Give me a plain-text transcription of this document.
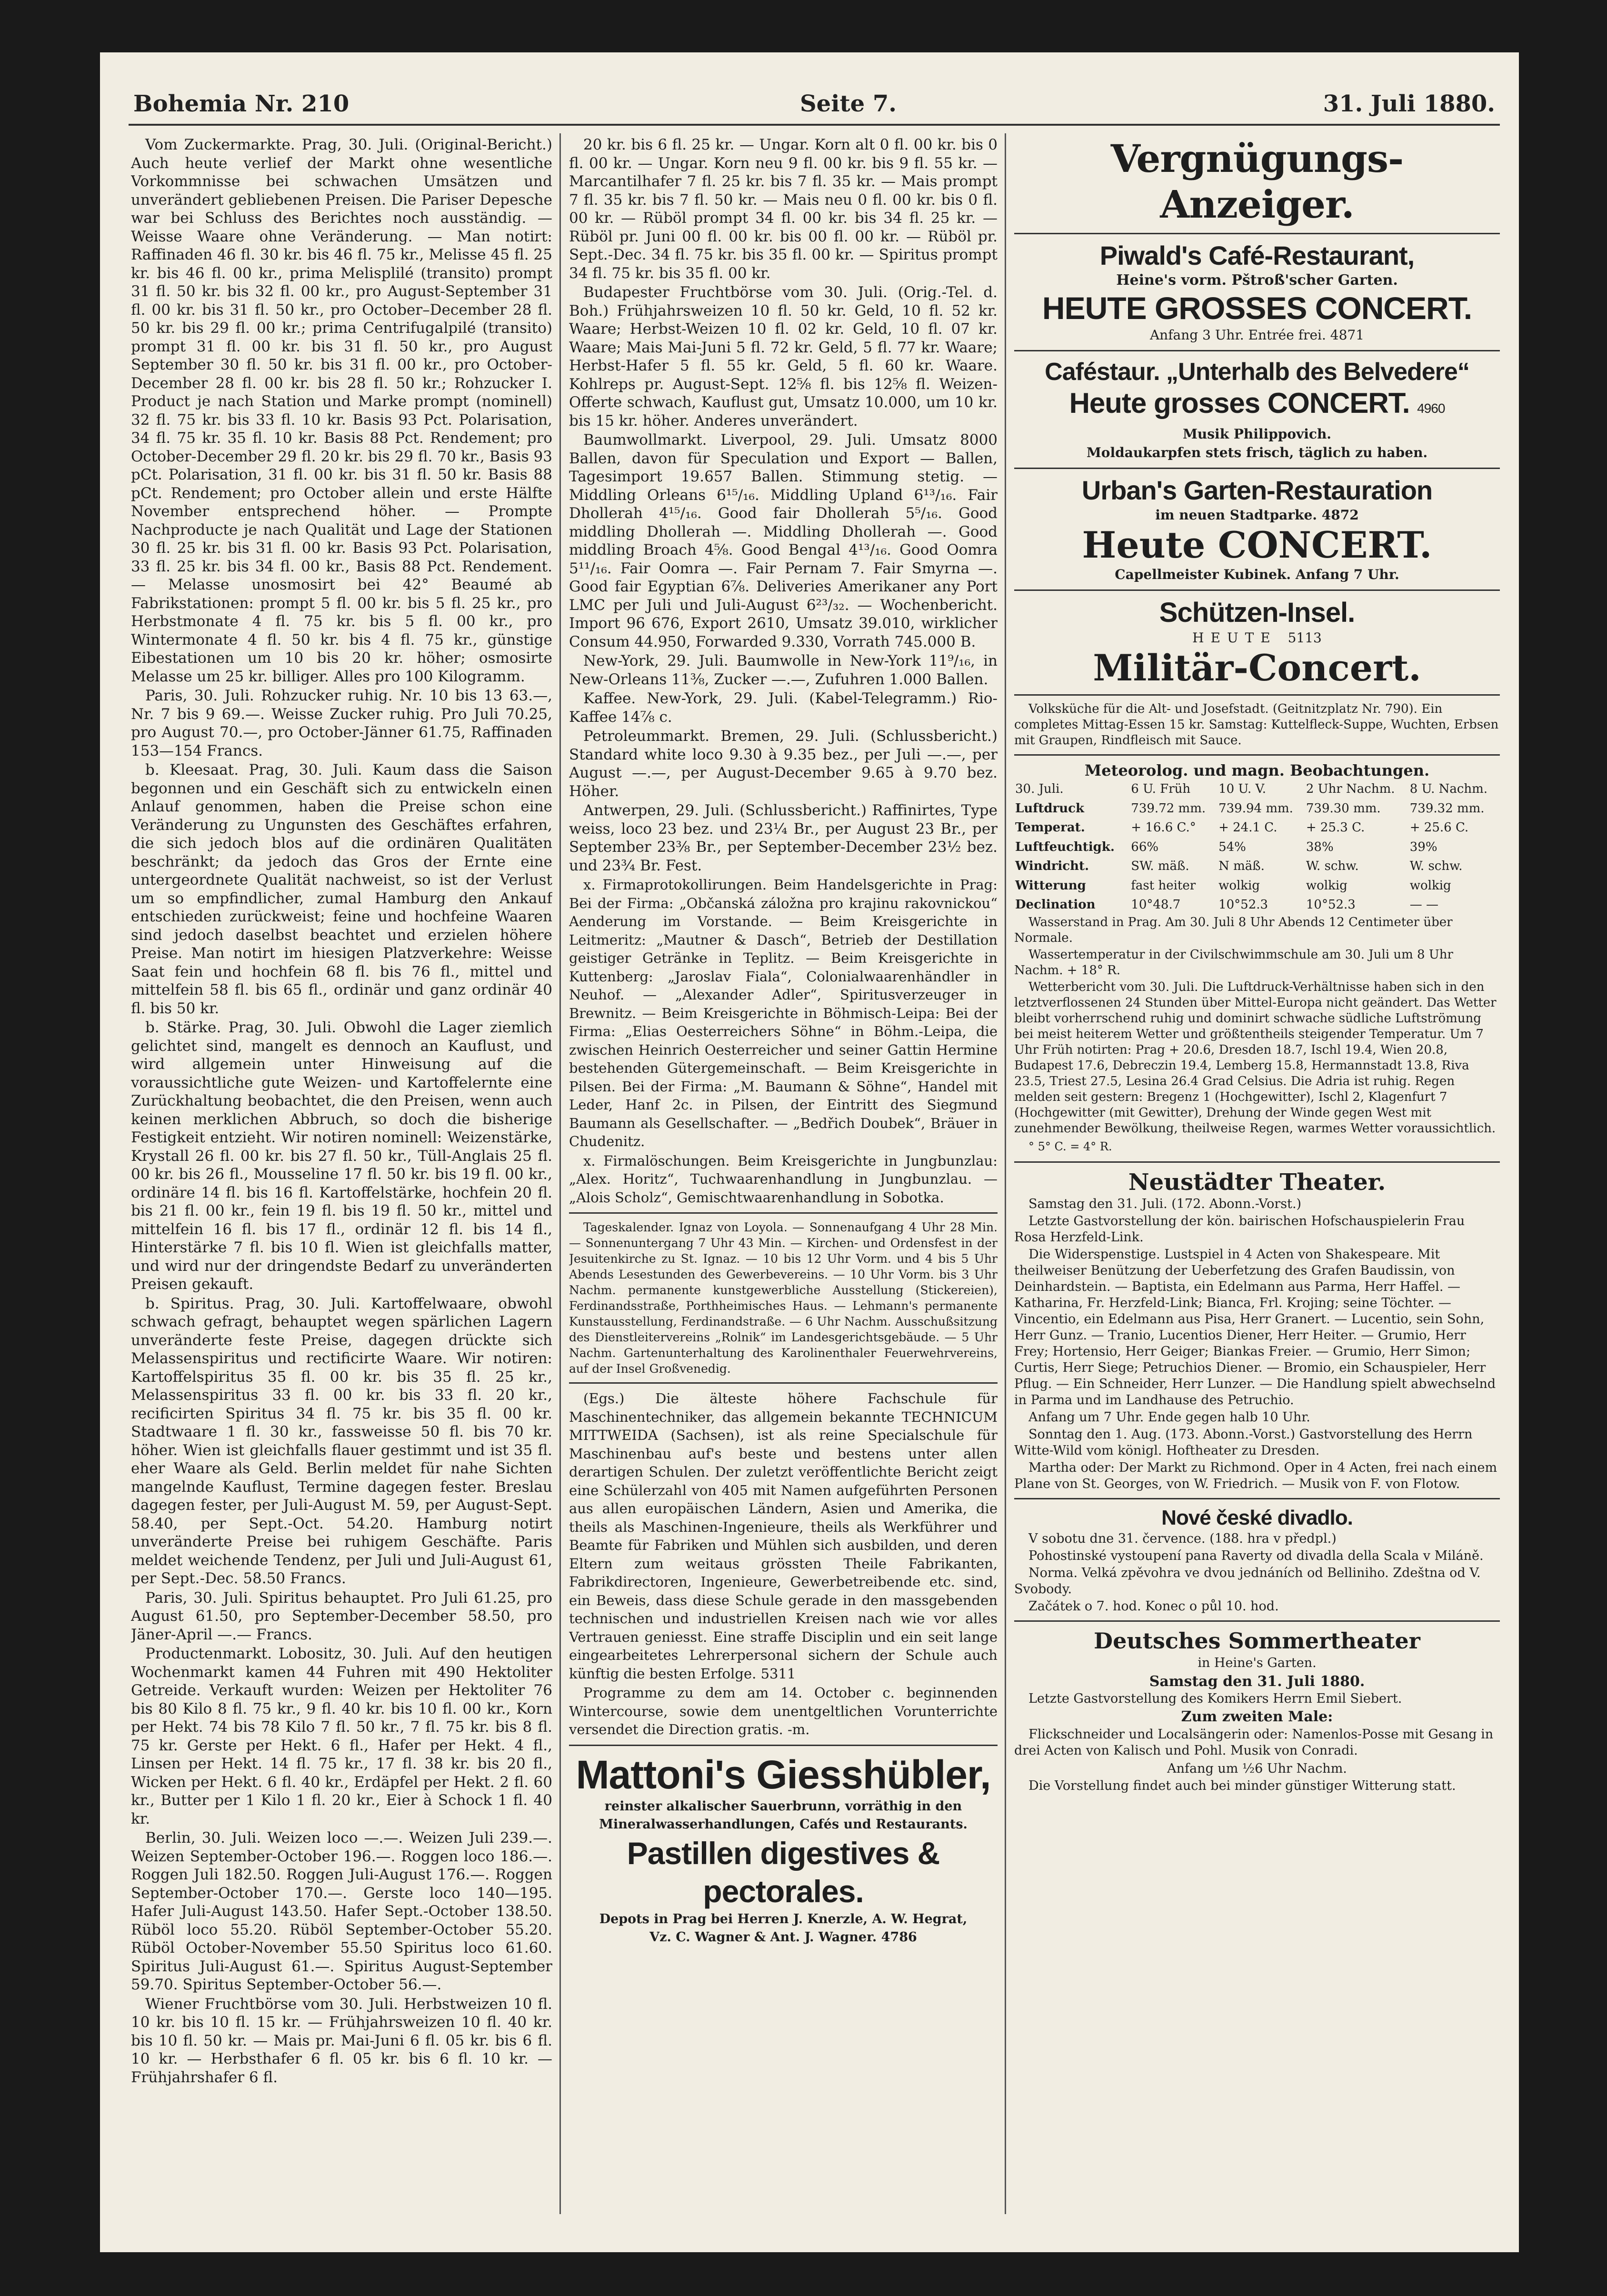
Bohemia Nr. 210	Seite 7.	31. Juli 1880.

Vom Zuckermarkte. Prag, 30. Juli. (Original-Bericht.) Auch heute verlief der Markt ohne wesentliche Vorkommnisse bei schwachen Umsätzen und unverändert gebliebenen Preisen. Die Pariser Depesche war bei Schluss des Berichtes noch ausständig. — Weisse Waare ohne Veränderung. — Man notirt: Raffinaden 46 fl. 30 kr. bis 46 fl. 75 kr., Melisse 45 fl. 25 kr. bis 46 fl. 00 kr., prima Melisplilé (transito) prompt 31 fl. 50 kr. bis 32 fl. 00 kr., pro August-September 31 fl. 00 kr. bis 31 fl. 50 kr., pro October–December 28 fl. 50 kr. bis 29 fl. 00 kr.; prima Centrifugalpilé (transito) prompt 31 fl. 00 kr. bis 31 fl. 50 kr., pro August September 30 fl. 50 kr. bis 31 fl. 00 kr., pro October-December 28 fl. 00 kr. bis 28 fl. 50 kr.; Rohzucker I. Product je nach Station und Marke prompt (nominell) 32 fl. 75 kr. bis 33 fl. 10 kr. Basis 93 Pct. Polarisation, 34 fl. 75 kr. 35 fl. 10 kr. Basis 88 Pct. Rendement; pro October-December 29 fl. 20 kr. bis 29 fl. 70 kr., Basis 93 pCt. Polarisation, 31 fl. 00 kr. bis 31 fl. 50 kr. Basis 88 pCt. Rendement; pro October allein und erste Hälfte November entsprechend höher. — Prompte Nachproducte je nach Qualität und Lage der Stationen 30 fl. 25 kr. bis 31 fl. 00 kr. Basis 93 Pct. Polarisation, 33 fl. 25 kr. bis 34 fl. 00 kr., Basis 88 Pct. Rendement. — Melasse unosmosirt bei 42° Beaumé ab Fabrikstationen: prompt 5 fl. 00 kr. bis 5 fl. 25 kr., pro Herbstmonate 4 fl. 75 kr. bis 5 fl. 00 kr., pro Wintermonate 4 fl. 50 kr. bis 4 fl. 75 kr., günstige Eibestationen um 10 bis 20 kr. höher; osmosirte Melasse um 25 kr. billiger. Alles pro 100 Kilogramm.

Paris, 30. Juli. Rohzucker ruhig. Nr. 10 bis 13 63.—, Nr. 7 bis 9 69.—. Weisse Zucker ruhig. Pro Juli 70.25, pro August 70.—, pro October-Jänner 61.75, Raffinaden 153—154 Francs.

b. Kleesaat. Prag, 30. Juli. Kaum dass die Saison begonnen und ein Geschäft sich zu entwickeln einen Anlauf genommen, haben die Preise schon eine Veränderung zu Ungunsten des Geschäftes erfahren, die sich jedoch blos auf die ordinären Qualitäten beschränkt; da jedoch das Gros der Ernte eine untergeordnete Qualität nachweist, so ist der Verlust um so empfindlicher, zumal Hamburg den Ankauf entschieden zurückweist; feine und hochfeine Waaren sind jedoch daselbst beachtet und erzielen höhere Preise. Man notirt im hiesigen Platzverkehre: Weisse Saat fein und hochfein 68 fl. bis 76 fl., mittel und mittelfein 58 fl. bis 65 fl., ordinär und ganz ordinär 40 fl. bis 50 kr.

b. Stärke. Prag, 30. Juli. Obwohl die Lager ziemlich gelichtet sind, mangelt es dennoch an Kauflust, und wird allgemein unter Hinweisung auf die voraussichtliche gute Weizen- und Kartoffelernte eine Zurückhaltung beobachtet, die den Preisen, wenn auch keinen merklichen Abbruch, so doch die bisherige Festigkeit entzieht. Wir notiren nominell: Weizenstärke, Krystall 26 fl. 00 kr. bis 27 fl. 50 kr., Tüll-Anglais 25 fl. 00 kr. bis 26 fl., Mousseline 17 fl. 50 kr. bis 19 fl. 00 kr., ordinäre 14 fl. bis 16 fl. Kartoffelstärke, hochfein 20 fl. bis 21 fl. 00 kr., fein 19 fl. bis 19 fl. 50 kr., mittel und mittelfein 16 fl. bis 17 fl., ordinär 12 fl. bis 14 fl., Hinterstärke 7 fl. bis 10 fl. Wien ist gleichfalls matter, und wird nur der dringendste Bedarf zu unveränderten Preisen gekauft.

b. Spiritus. Prag, 30. Juli. Kartoffelwaare, obwohl schwach gefragt, behauptet wegen spärlichen Lagern unveränderte feste Preise, dagegen drückte sich Melassenspiritus und rectificirte Waare. Wir notiren: Kartoffelspiritus 35 fl. 00 kr. bis 35 fl. 25 kr., Melassenspiritus 33 fl. 00 kr. bis 33 fl. 20 kr., recificirten Spiritus 34 fl. 75 kr. bis 35 fl. 00 kr. Stadtwaare 1 fl. 30 kr., fassweisse 50 fl. bis 70 kr. höher. Wien ist gleichfalls flauer gestimmt und ist 35 fl. eher Waare als Geld. Berlin meldet für nahe Sichten mangelnde Kauflust, Termine dagegen fester. Breslau dagegen fester, per Juli-August M. 59, per August-Sept. 58.40, per Sept.-Oct. 54.20. Hamburg notirt unveränderte Preise bei ruhigem Geschäfte. Paris meldet weichende Tendenz, per Juli und Juli-August 61, per Sept.-Dec. 58.50 Francs.

Paris, 30. Juli. Spiritus behauptet. Pro Juli 61.25, pro August 61.50, pro September-December 58.50, pro Jäner-April —.— Francs.

Productenmarkt. Lobositz, 30. Juli. Auf den heutigen Wochenmarkt kamen 44 Fuhren mit 490 Hektoliter Getreide. Verkauft wurden: Weizen per Hektoliter 76 bis 80 Kilo 8 fl. 75 kr., 9 fl. 40 kr. bis 10 fl. 00 kr., Korn per Hekt. 74 bis 78 Kilo 7 fl. 50 kr., 7 fl. 75 kr. bis 8 fl. 75 kr. Gerste per Hekt. 6 fl., Hafer per Hekt. 4 fl., Linsen per Hekt. 14 fl. 75 kr., 17 fl. 38 kr. bis 20 fl., Wicken per Hekt. 6 fl. 40 kr., Erdäpfel per Hekt. 2 fl. 60 kr., Butter per 1 Kilo 1 fl. 20 kr., Eier à Schock 1 fl. 40 kr.

Berlin, 30. Juli. Weizen loco —.—. Weizen Juli 239.—. Weizen September-October 196.—. Roggen loco 186.—. Roggen Juli 182.50. Roggen Juli-August 176.—. Roggen September-October 170.—. Gerste loco 140—195. Hafer Juli-August 143.50. Hafer Sept.-October 138.50. Rüböl loco 55.20. Rüböl September-October 55.20. Rüböl October-November 55.50 Spiritus loco 61.60. Spiritus Juli-August 61.—. Spiritus August-September 59.70. Spiritus September-October 56.—.

Wiener Fruchtbörse vom 30. Juli. Herbstweizen 10 fl. 10 kr. bis 10 fl. 15 kr. — Frühjahrsweizen 10 fl. 40 kr. bis 10 fl. 50 kr. — Mais pr. Mai-Juni 6 fl. 05 kr. bis 6 fl. 10 kr. — Herbsthafer 6 fl. 05 kr. bis 6 fl. 10 kr. — Frühjahrshafer 6 fl.

20 kr. bis 6 fl. 25 kr. — Ungar. Korn alt 0 fl. 00 kr. bis 0 fl. 00 kr. — Ungar. Korn neu 9 fl. 00 kr. bis 9 fl. 55 kr. — Marcantilhafer 7 fl. 25 kr. bis 7 fl. 35 kr. — Mais prompt 7 fl. 35 kr. bis 7 fl. 50 kr. — Mais neu 0 fl. 00 kr. bis 0 fl. 00 kr. — Rüböl prompt 34 fl. 00 kr. bis 34 fl. 25 kr. — Rüböl pr. Juni 00 fl. 00 kr. bis 00 fl. 00 kr. — Rüböl pr. Sept.-Dec. 34 fl. 75 kr. bis 35 fl. 00 kr. — Spiritus prompt 34 fl. 75 kr. bis 35 fl. 00 kr.

Budapester Fruchtbörse vom 30. Juli. (Orig.-Tel. d. Boh.) Frühjahrsweizen 10 fl. 50 kr. Geld, 10 fl. 52 kr. Waare; Herbst-Weizen 10 fl. 02 kr. Geld, 10 fl. 07 kr. Waare; Mais Mai-Juni 5 fl. 72 kr. Geld, 5 fl. 77 kr. Waare; Herbst-Hafer 5 fl. 55 kr. Geld, 5 fl. 60 kr. Waare. Kohlreps pr. August-Sept. 12⅝ fl. bis 12⅝ fl. Weizen-Offerte schwach, Kauflust gut, Umsatz 10.000, um 10 kr. bis 15 kr. höher. Anderes unverändert.

Baumwollmarkt. Liverpool, 29. Juli. Umsatz 8000 Ballen, davon für Speculation und Export — Ballen, Tagesimport 19.657 Ballen. Stimmung stetig. — Middling Orleans 6¹⁵/₁₆. Middling Upland 6¹³/₁₆. Fair Dhollerah 4¹⁵/₁₆. Good fair Dhollerah 5⁵/₁₆. Good middling Dhollerah —. Middling Dhollerah —. Good middling Broach 4⅝. Good Bengal 4¹³/₁₆. Good Oomra 5¹¹/₁₆. Fair Oomra —. Fair Pernam 7. Fair Smyrna —. Good fair Egyptian 6⅞. Deliveries Amerikaner any Port LMC per Juli und Juli-August 6²³/₃₂. — Wochenbericht. Import 96 676, Export 2610, Umsatz 39.010, wirklicher Consum 44.950, Forwarded 9.330, Vorrath 745.000 B.

New-York, 29. Juli. Baumwolle in New-York 11⁹/₁₆, in New-Orleans 11⅜, Zucker —.—, Zufuhren 1.000 Ballen.

Kaffee. New-York, 29. Juli. (Kabel-Telegramm.) Rio-Kaffee 14⅞ c.

Petroleummarkt. Bremen, 29. Juli. (Schlussbericht.) Standard white loco 9.30 à 9.35 bez., per Juli —.—, per August —.—, per August-December 9.65 à 9.70 bez. Höher.

Antwerpen, 29. Juli. (Schlussbericht.) Raffinirtes, Type weiss, loco 23 bez. und 23¼ Br., per August 23 Br., per September 23⅜ Br., per September-December 23½ bez. und 23¾ Br. Fest.

x. Firmaprotokollirungen. Beim Handelsgerichte in Prag: Bei der Firma: „Občanská záložna pro krajinu rakovnickou“ Aenderung im Vorstande. — Beim Kreisgerichte in Leitmeritz: „Mautner & Dasch“, Betrieb der Destillation geistiger Getränke in Teplitz. — Beim Kreisgerichte in Kuttenberg: „Jaroslav Fiala“, Colonialwaarenhändler in Neuhof. — „Alexander Adler“, Spiritusverzeuger in Brewnitz. — Beim Kreisgerichte in Böhmisch-Leipa: Bei der Firma: „Elias Oesterreichers Söhne“ in Böhm.-Leipa, die zwischen Heinrich Oesterreicher und seiner Gattin Hermine bestehenden Gütergemeinschaft. — Beim Kreisgerichte in Pilsen. Bei der Firma: „M. Baumann & Söhne“, Handel mit Leder, Hanf 2c. in Pilsen, der Eintritt des Siegmund Baumann als Gesellschafter. — „Bedřich Doubek“, Bräuer in Chudenitz.

x. Firmalöschungen. Beim Kreisgerichte in Jungbunzlau: „Alex. Horitz“, Tuchwaarenhandlung in Jungbunzlau. — „Alois Scholz“, Gemischtwaarenhandlung in Sobotka.

Tageskalender. Ignaz von Loyola. — Sonnenaufgang 4 Uhr 28 Min. — Sonnenuntergang 7 Uhr 43 Min. — Kirchen- und Ordensfest in der Jesuitenkirche zu St. Ignaz. — 10 bis 12 Uhr Vorm. und 4 bis 5 Uhr Abends Lesestunden des Gewerbevereins. — 10 Uhr Vorm. bis 3 Uhr Nachm. permanente kunstgewerbliche Ausstellung (Stickereien), Ferdinandsstraße, Porthheimisches Haus. — Lehmann's permanente Kunstausstellung, Ferdinandstraße. — 6 Uhr Nachm. Ausschußsitzung des Dienstleitervereins „Rolnik“ im Landesgerichtsgebäude. — 5 Uhr Nachm. Gartenunterhaltung des Karolinenthaler Feuerwehrvereins, auf der Insel Großvenedig.

(Egs.) Die älteste höhere Fachschule für Maschinentechniker, das allgemein bekannte TECHNICUM MITTWEIDA (Sachsen), ist als reine Specialschule für Maschinenbau auf's beste und bestens unter allen derartigen Schulen. Der zuletzt veröffentlichte Bericht zeigt eine Schülerzahl von 405 mit Namen aufgeführten Personen aus allen europäischen Ländern, Asien und Amerika, die theils als Maschinen-Ingenieure, theils als Werkführer und Beamte für Fabriken und Mühlen sich ausbilden, und deren Eltern zum weitaus grössten Theile Fabrikanten, Fabrikdirectoren, Ingenieure, Gewerbetreibende etc. sind, ein Beweis, dass diese Schule gerade in den massgebenden technischen und industriellen Kreisen nach wie vor alles Vertrauen geniesst. Eine straffe Disciplin und ein seit lange eingearbeitetes Lehrerpersonal sichern der Schule auch künftig die besten Erfolge. 5311

Programme zu dem am 14. October c. beginnenden Wintercourse, sowie dem unentgeltlichen Vorunterrichte versendet die Direction gratis. -m.

Mattoni's Giesshübler,
reinster alkalischer Sauerbrunn, vorräthig in den Mineralwasserhandlungen, Cafés und Restaurants.
Pastillen digestives & pectorales.
Depots in Prag bei Herren J. Knerzle, A. W. Hegrat,
Vz. C. Wagner & Ant. J. Wagner. 4786
Vergnügungs-Anzeiger.
Piwald's Café-Restaurant,
Heine's vorm. Pštroß'scher Garten.
HEUTE GROSSES CONCERT.
Anfang 3 Uhr. Entrée frei. 4871
Caféstaur. „Unterhalb des Belvedere“
Heute grosses CONCERT. 4960
Musik Philippovich.
Moldaukarpfen stets frisch, täglich zu haben.
Urban's Garten-Restauration
im neuen Stadtparke. 4872
Heute CONCERT.
Capellmeister Kubinek. Anfang 7 Uhr.
Schützen-Insel.
HEUTE 5113
Militär-Concert.

Volksküche für die Alt- und Josefstadt. (Geitnitzplatz Nr. 790). Ein completes Mittag-Essen 15 kr. Samstag: Kuttelfleck-Suppe, Wuchten, Erbsen mit Graupen, Rindfleisch mit Sauce.

Meteorolog. und magn. Beobachtungen.
30. Juli.	6 U. Früh	10 U. V.	2 Uhr Nachm.	8 U. Nachm.
Luftdruck	739.72 mm.	739.94 mm.	739.30 mm.	739.32 mm.
Temperat.	+ 16.6 C.°	+ 24.1 C.	+ 25.3 C.	+ 25.6 C.
Luftfeuchtigk.	66%	54%	38%	39%
Windricht.	SW. mäß.	N mäß.	W. schw.	W. schw.
Witterung	fast heiter	wolkig	wolkig	wolkig
Declination	10°48.7	10°52.3	10°52.3	— —

Wasserstand in Prag. Am 30. Juli 8 Uhr Abends 12 Centimeter über Normale.

Wassertemperatur in der Civilschwimmschule am 30. Juli um 8 Uhr Nachm. + 18° R.

Wetterbericht vom 30. Juli. Die Luftdruck-Verhältnisse haben sich in den letztverflossenen 24 Stunden über Mittel-Europa nicht geändert. Das Wetter bleibt vorherrschend ruhig und dominirt schwache südliche Luftströmung bei meist heiterem Wetter und größtentheils steigender Temperatur. Um 7 Uhr Früh notirten: Prag + 20.6, Dresden 18.7, Ischl 19.4, Wien 20.8, Budapest 17.6, Debreczin 19.4, Lemberg 15.8, Hermannstadt 13.8, Riva 23.5, Triest 27.5, Lesina 26.4 Grad Celsius. Die Adria ist ruhig. Regen melden seit gestern: Bregenz 1 (Hochgewitter), Ischl 2, Klagenfurt 7 (Hochgewitter (mit Gewitter), Drehung der Winde gegen West mit zunehmender Bewölkung, theilweise Regen, warmes Wetter voraussichtlich.

° 5° C. = 4° R.

Neustädter Theater.

Samstag den 31. Juli. (172. Abonn.-Vorst.)

Letzte Gastvorstellung der kön. bairischen Hofschauspielerin Frau Rosa Herzfeld-Link.

Die Widerspenstige. Lustspiel in 4 Acten von Shakespeare. Mit theilweiser Benützung der Ueberfetzung des Grafen Baudissin, von Deinhardstein. — Baptista, ein Edelmann aus Parma, Herr Haffel. — Katharina, Fr. Herzfeld-Link; Bianca, Frl. Krojing; seine Töchter. — Vincentio, ein Edelmann aus Pisa, Herr Granert. — Lucentio, sein Sohn, Herr Gunz. — Tranio, Lucentios Diener, Herr Heiter. — Grumio, Herr Frey; Hortensio, Herr Geiger; Biankas Freier. — Grumio, Herr Simon; Curtis, Herr Siege; Petruchios Diener. — Bromio, ein Schauspieler, Herr Pflug. — Ein Schneider, Herr Lunzer. — Die Handlung spielt abwechselnd in Parma und im Landhause des Petruchio.

Anfang um 7 Uhr. Ende gegen halb 10 Uhr.

Sonntag den 1. Aug. (173. Abonn.-Vorst.) Gastvorstellung des Herrn Witte-Wild vom königl. Hoftheater zu Dresden.

Martha oder: Der Markt zu Richmond. Oper in 4 Acten, frei nach einem Plane von St. Georges, von W. Friedrich. — Musik von F. von Flotow.

Nové české divadlo.

V sobotu dne 31. července. (188. hra v předpl.)

Pohostinské vystoupení pana Raverty od divadla della Scala v Miláně.

Norma. Velká zpěvohra ve dvou jednáních od Belliniho. Zdeštna od V. Svobody.

Začátek o 7. hod. Konec o půl 10. hod.

Deutsches Sommertheater
in Heine's Garten.
Samstag den 31. Juli 1880.

Letzte Gastvorstellung des Komikers Herrn Emil Siebert.

Zum zweiten Male:

Flickschneider und Localsängerin oder: Namenlos-Posse mit Gesang in drei Acten von Kalisch und Pohl. Musik von Conradi.

Anfang um ½6 Uhr Nachm.

Die Vorstellung findet auch bei minder günstiger Witterung statt.
